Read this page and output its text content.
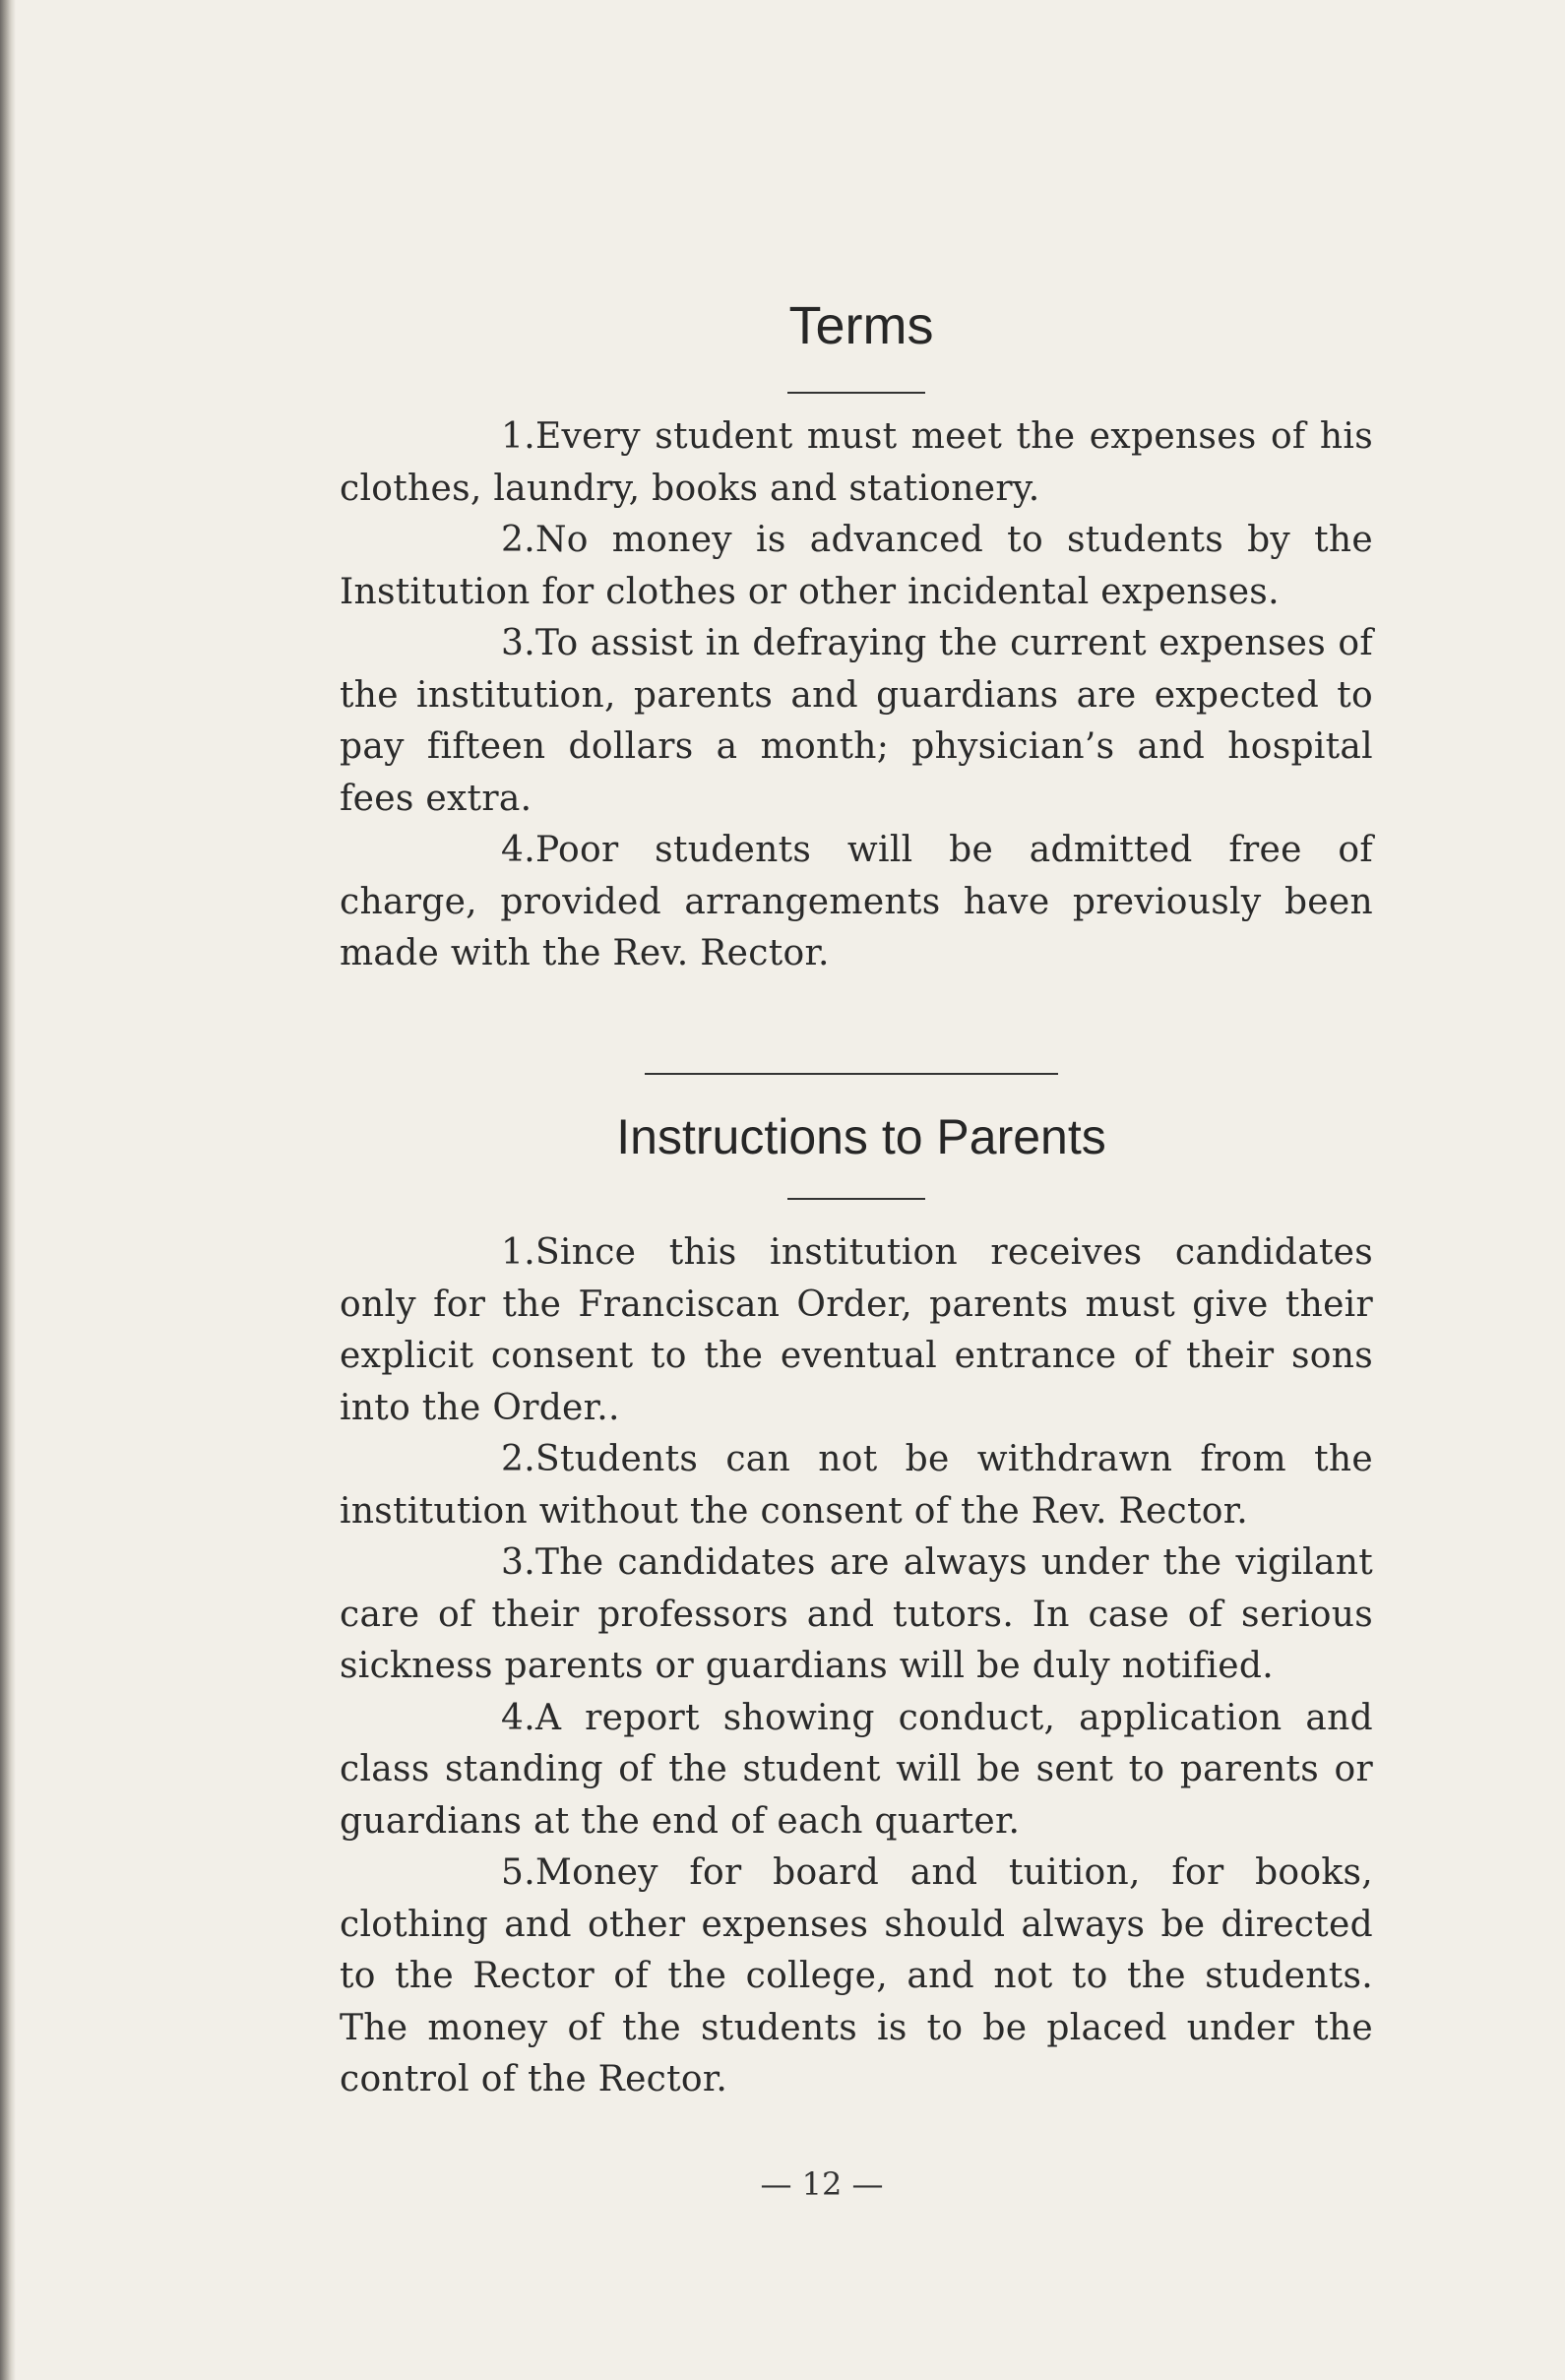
Terms

1.Every student must meet the expenses of his clothes, laundry, books and stationery.

2.No money is advanced to students by the Institution for clothes or other incidental expenses.

3.To assist in defraying the current expenses of the institution, parents and guardians are expected to pay fifteen dollars a month; physician’s and hospital fees extra.

4.Poor students will be admitted free of charge, provided arrangements have previously been made with the Rev. Rector.

Instructions to Parents

1.Since this institution receives candidates only for the Franciscan Order, parents must give their explicit consent to the eventual entrance of their sons into the Order..

2.Students can not be withdrawn from the institution without the consent of the Rev. Rector.

3.The candidates are always under the vigilant care of their professors and tutors. In case of serious sickness parents or guardians will be duly notified.

4.A report showing conduct, application and class standing of the student will be sent to parents or guardians at the end of each quarter.

5.Money for board and tuition, for books, clothing and other expenses should always be directed to the Rector of the college, and not to the students. The money of the students is to be placed under the control of the Rector.

— 12 —
